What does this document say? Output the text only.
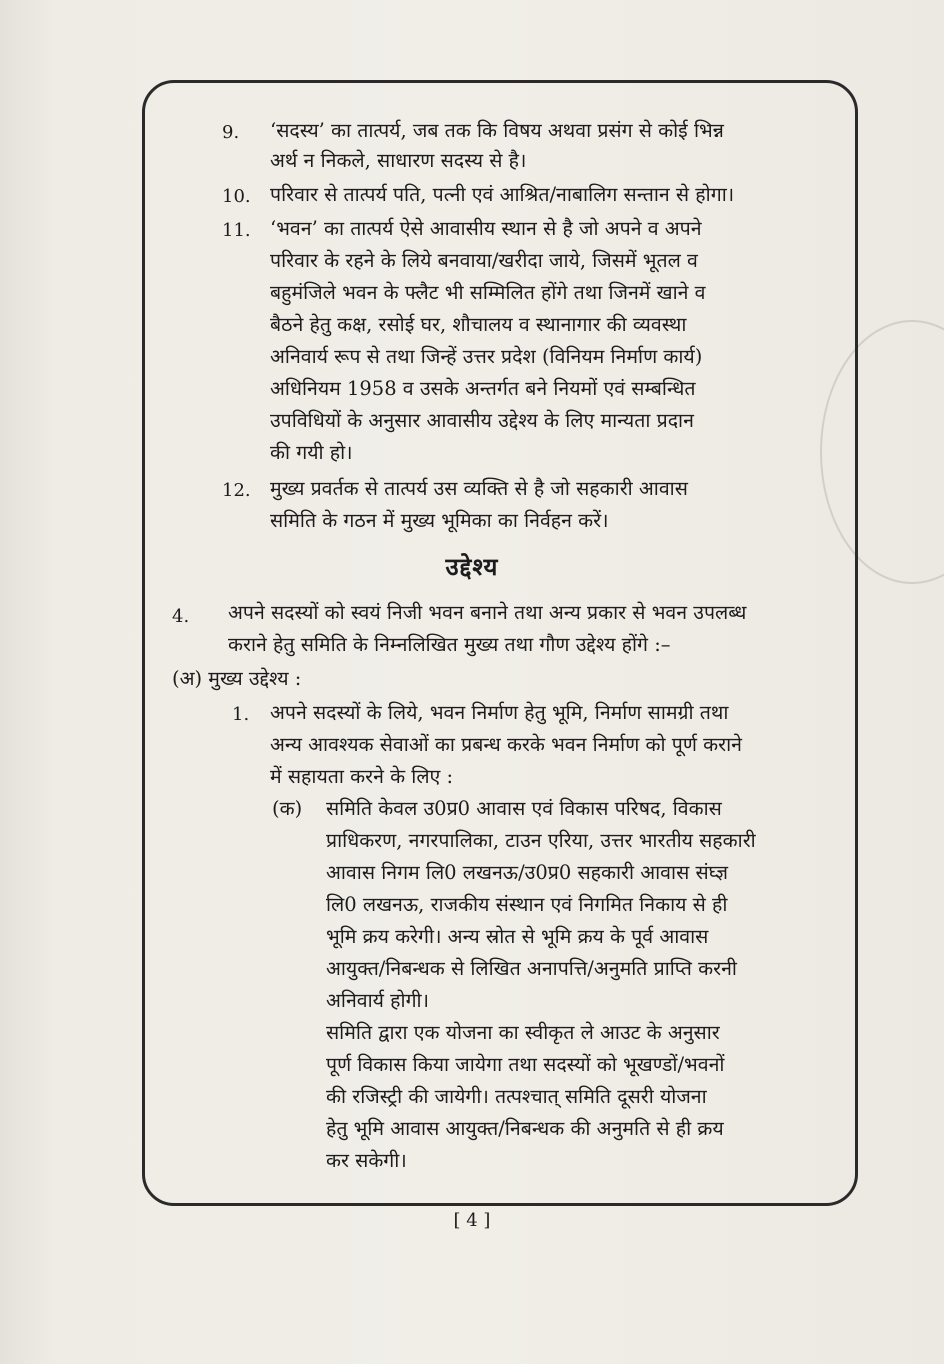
9. ‘सदस्य’ का तात्पर्य, जब तक कि विषय अथवा प्रसंग से कोई भिन्न
अर्थ न निकले, साधारण सदस्य से है।
10. परिवार से तात्पर्य पति, पत्नी एवं आश्रित/नाबालिग सन्तान से होगा।
11. ‘भवन’ का तात्पर्य ऐसे आवासीय स्थान से है जो अपने व अपने
परिवार के रहने के लिये बनवाया/खरीदा जाये, जिसमें भूतल व
बहुमंजिले भवन के फ्लैट भी सम्मिलित होंगे तथा जिनमें खाने व
बैठने हेतु कक्ष, रसोई घर, शौचालय व स्थानागार की व्यवस्था
अनिवार्य रूप से तथा जिन्हें उत्तर प्रदेश (विनियम निर्माण कार्य)
अधिनियम 1958 व उसके अन्तर्गत बने नियमों एवं सम्बन्धित
उपविधियों के अनुसार आवासीय उद्देश्य के लिए मान्यता प्रदान
की गयी हो।
12. मुख्य प्रवर्तक से तात्पर्य उस व्यक्ति से है जो सहकारी आवास
समिति के गठन में मुख्य भूमिका का निर्वहन करें।
उद्देश्य
4. अपने सदस्यों को स्वयं निजी भवन बनाने तथा अन्य प्रकार से भवन उपलब्ध
कराने हेतु समिति के निम्नलिखित मुख्य तथा गौण उद्देश्य होंगे :–
(अ) मुख्य उद्देश्य :
1. अपने सदस्यों के लिये, भवन निर्माण हेतु भूमि, निर्माण सामग्री तथा
अन्य आवश्यक सेवाओं का प्रबन्ध करके भवन निर्माण को पूर्ण कराने
में सहायता करने के लिए :
(क) समिति केवल उ0प्र0 आवास एवं विकास परिषद, विकास
प्राधिकरण, नगरपालिका, टाउन एरिया, उत्तर भारतीय सहकारी
आवास निगम लि0 लखनऊ/उ0प्र0 सहकारी आवास संघ्ज्ञ
लि0 लखनऊ, राजकीय संस्थान एवं निगमित निकाय से ही
भूमि क्रय करेगी। अन्य स्रोत से भूमि क्रय के पूर्व आवास
आयुक्त/निबन्धक से लिखित अनापत्ति/अनुमति प्राप्ति करनी
अनिवार्य होगी।
समिति द्वारा एक योजना का स्वीकृत ले आउट के अनुसार
पूर्ण विकास किया जायेगा तथा सदस्यों को भूखण्डों/भवनों
की रजिस्ट्री की जायेगी। तत्पश्चात् समिति दूसरी योजना
हेतु भूमि आवास आयुक्त/निबन्धक की अनुमति से ही क्रय
कर सकेगी।
[ 4 ]
